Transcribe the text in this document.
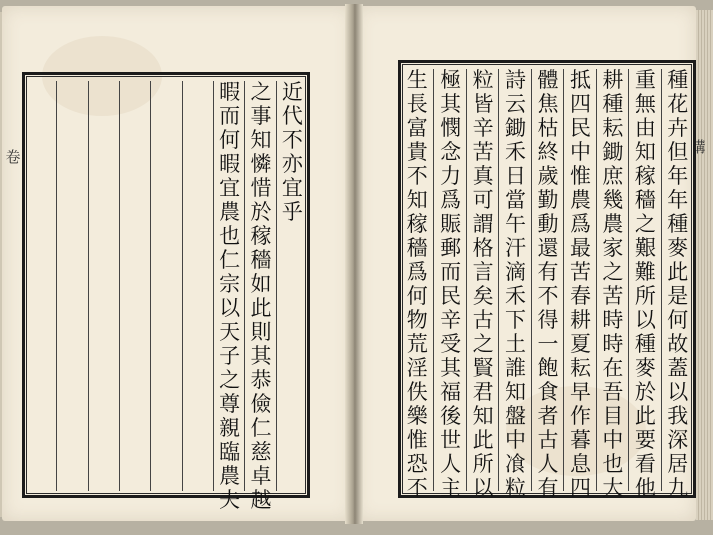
卷
講
近
代
不
亦
宜
乎
之
事
知
憐
惜
於
稼
穡
如
此
則
其
恭
儉
仁
慈
卓
越
暇
而
何
暇
宜
農
也
仁
宗
以
天
子
之
尊
親
臨
農
夫
種
花
卉
但
年
年
種
麥
此
是
何
故
蓋
以
我
深
居
九
重
無
由
知
稼
穡
之
艱
難
所
以
種
麥
於
此
要
看
他
耕
種
耘
鋤
庶
幾
農
家
之
苦
時
時
在
吾
目
中
也
大
抵
四
民
中
惟
農
爲
最
苦
春
耕
夏
耘
早
作
暮
息
四
體
焦
枯
終
歲
勤
動
還
有
不
得
一
飽
食
者
古
人
有
詩
云
鋤
禾
日
當
午
汗
滴
禾
下
土
誰
知
盤
中
飡
粒
粒
皆
辛
苦
真
可
謂
格
言
矣
古
之
賢
君
知
此
所
以
極
其
憫
念
力
爲
賑
郵
而
民
辛
受
其
福
後
世
人
主
生
長
富
貴
不
知
稼
穡
爲
何
物
荒
淫
佚
樂
惟
恐
不
